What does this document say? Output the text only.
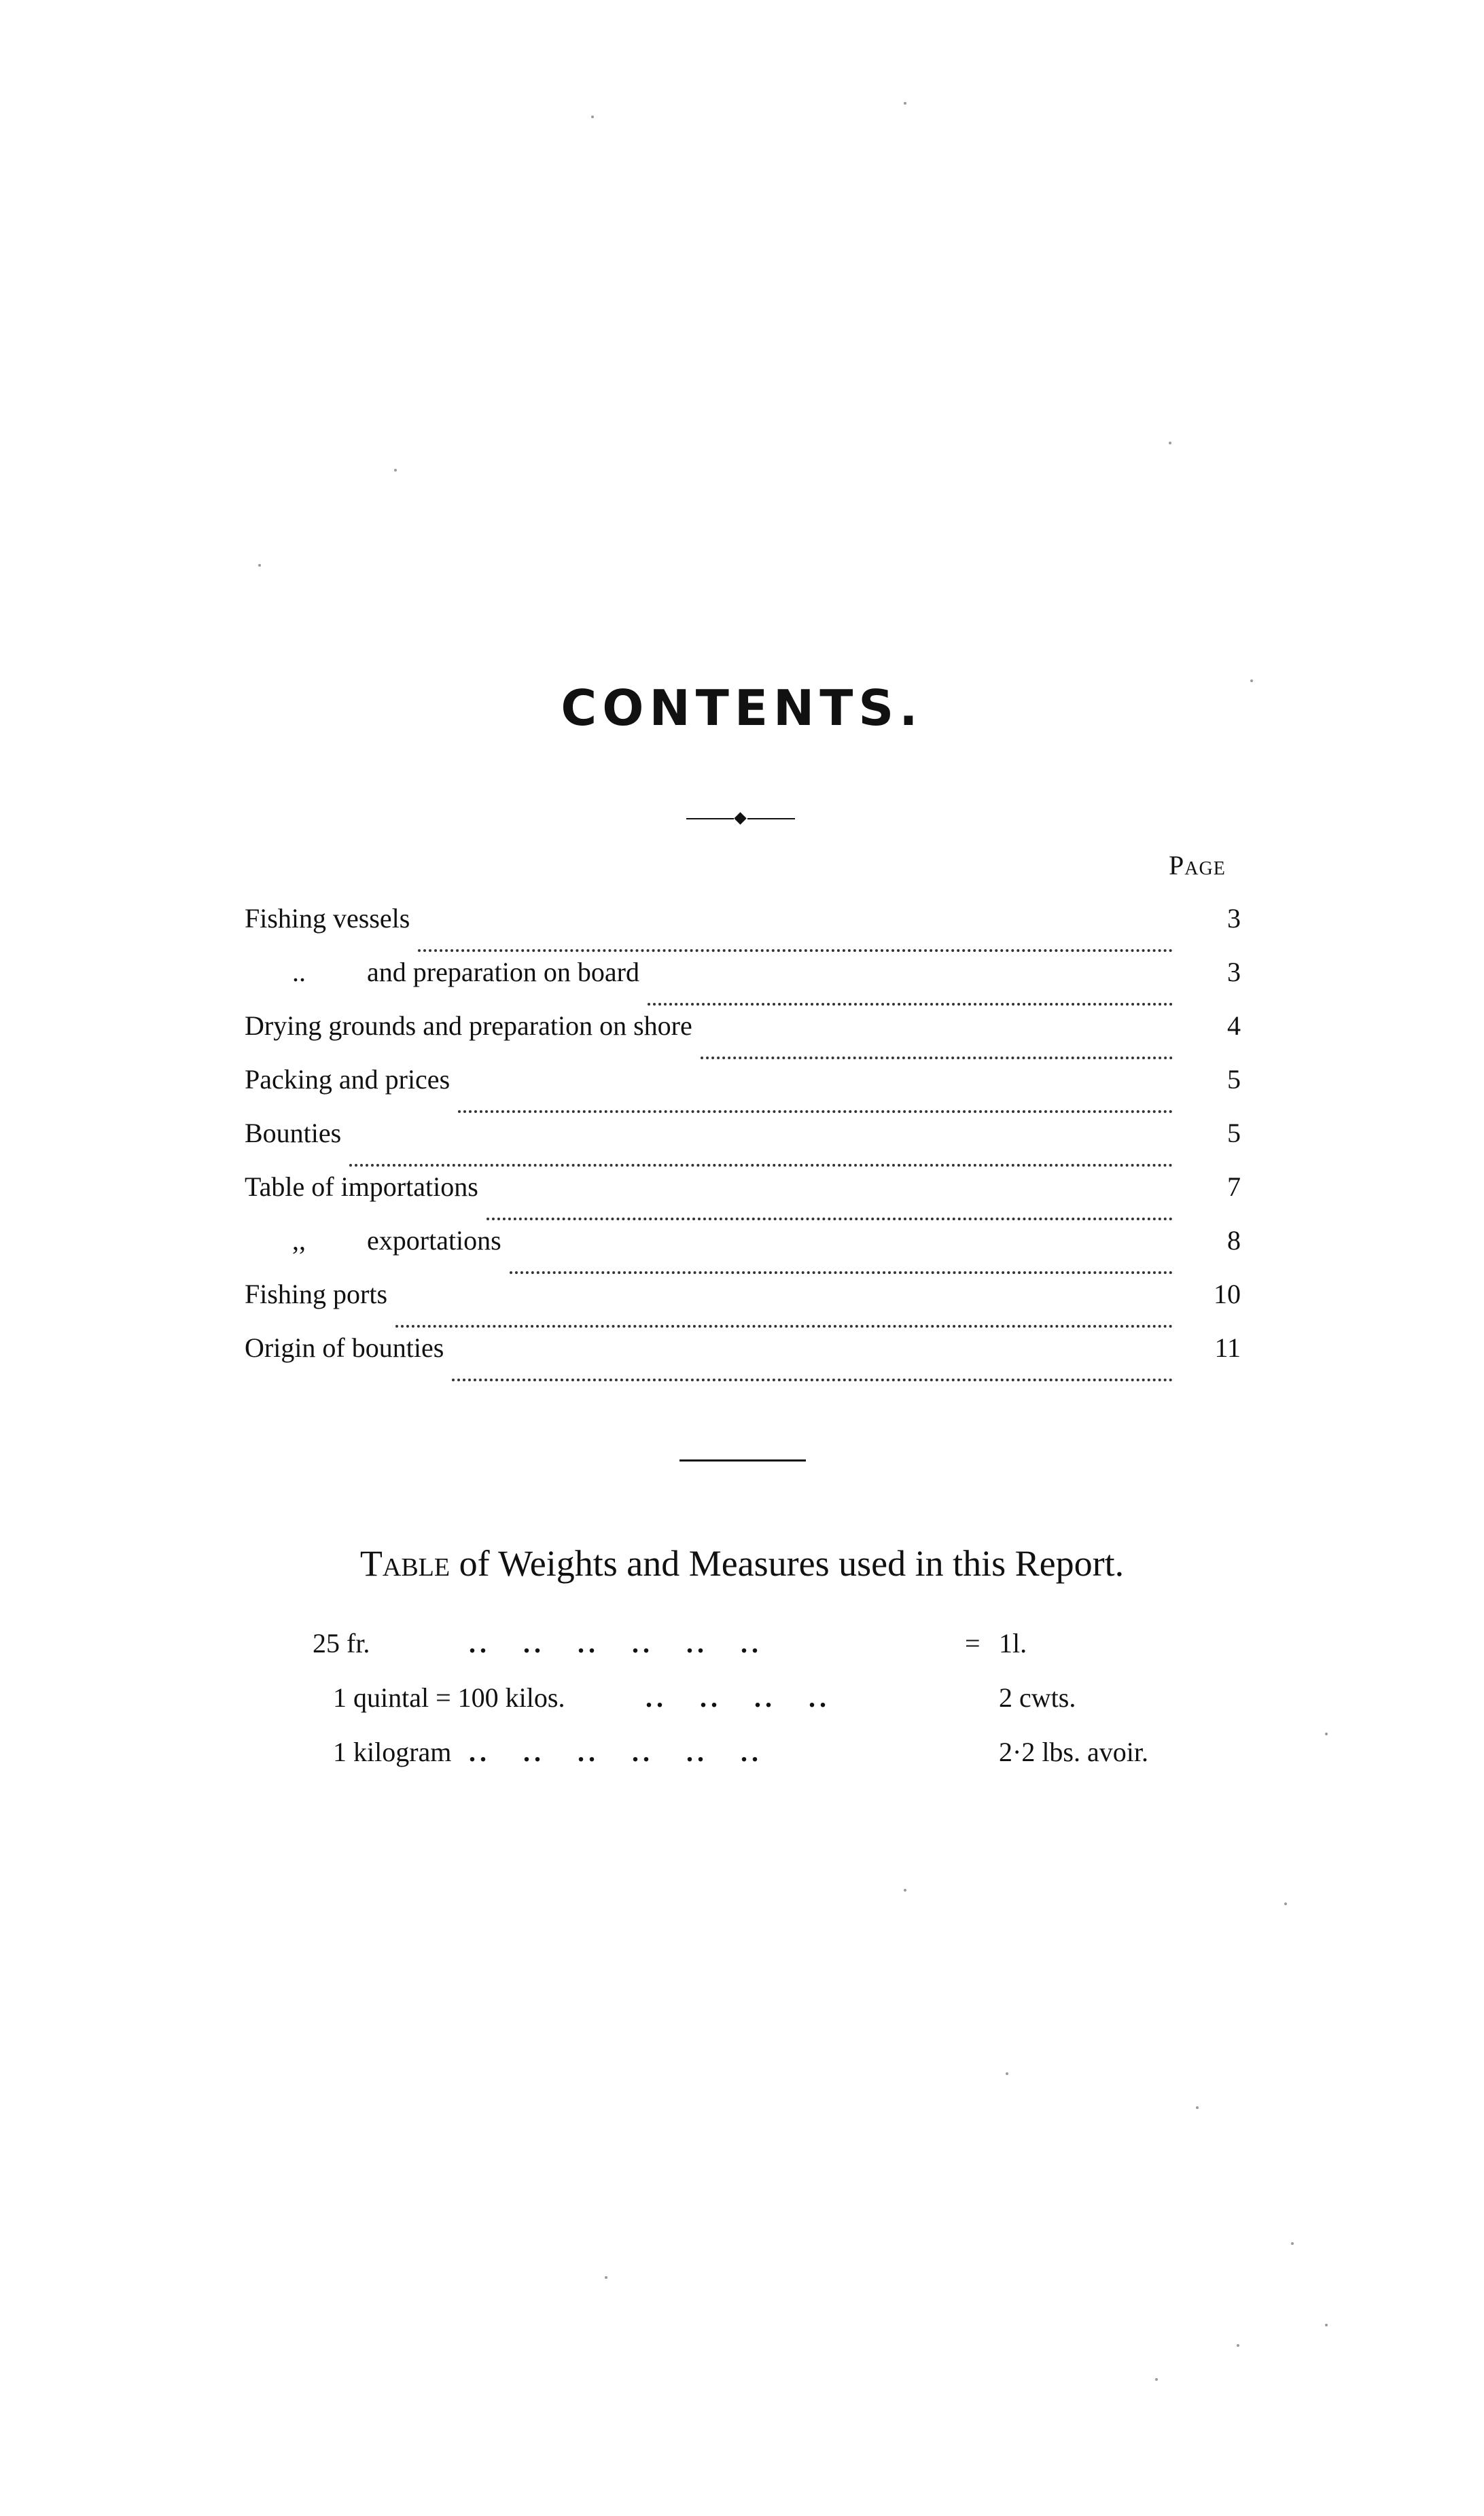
CONTENTS.
Page
Fishing vessels	3
.. and preparation on board	3
Drying grounds and preparation on shore	4
Packing and prices	5
Bounties	5
Table of importations	7
,, exportations	8
Fishing ports	10
Origin of bounties	11
Table of Weights and Measures used in this Report.
25 fr.	..   ..   ..   ..   ..   ..	= 1l.
1 quintal = 100 kilos.	..   ..   ..   ..	2 cwts.
1 kilogram ..   ..   ..   ..   ..   ..	2·2 lbs. avoir.
